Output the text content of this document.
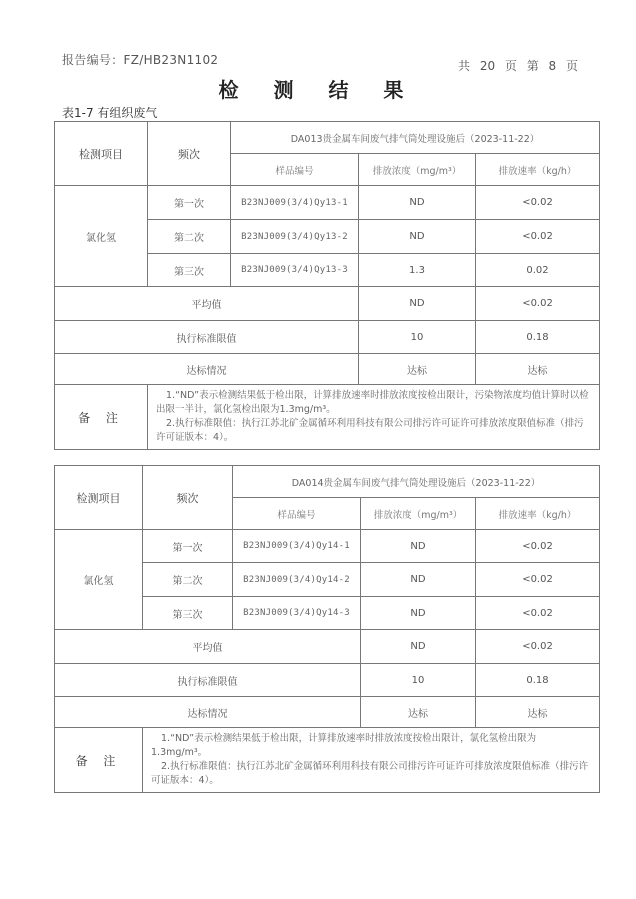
报告编号：FZ/HB23N1102	共 20 页 第 8 页
检 测 结 果
表1-7 有组织废气
检测项目	频次	DA013贵金属车间废气排气筒处理设施后（2023-11-22）		
		样品编号	排放浓度（mg/m³）	排放速率（kg/h）
氯化氢	第一次	B23NJ009(3/4)Qy13-1	ND	<0.02
	第二次	B23NJ009(3/4)Qy13-2	ND	<0.02
	第三次	B23NJ009(3/4)Qy13-3	1.3	0.02
平均值			ND	<0.02
执行标准限值			10	0.18
达标情况			达标	达标
备 注	1.“ND”表示检测结果低于检出限，计算排放速率时排放浓度按检出限计，污染物浓度均值计算时以检出限一半计，氯化氢检出限为1.3mg/m³。
2.执行标准限值：执行江苏北矿金属循环利用科技有限公司排污许可证许可排放浓度限值标准（排污许可证版本：4）。			
检测项目	频次	DA014贵金属车间废气排气筒处理设施后（2023-11-22）		
		样品编号	排放浓度（mg/m³）	排放速率（kg/h）
氯化氢	第一次	B23NJ009(3/4)Qy14-1	ND	<0.02
	第二次	B23NJ009(3/4)Qy14-2	ND	<0.02
	第三次	B23NJ009(3/4)Qy14-3	ND	<0.02
平均值			ND	<0.02
执行标准限值			10	0.18
达标情况			达标	达标
备 注	1.“ND”表示检测结果低于检出限，计算排放速率时排放浓度按检出限计，氯化氢检出限为1.3mg/m³。
2.执行标准限值：执行江苏北矿金属循环利用科技有限公司排污许可证许可排放浓度限值标准（排污许可证版本：4）。			
